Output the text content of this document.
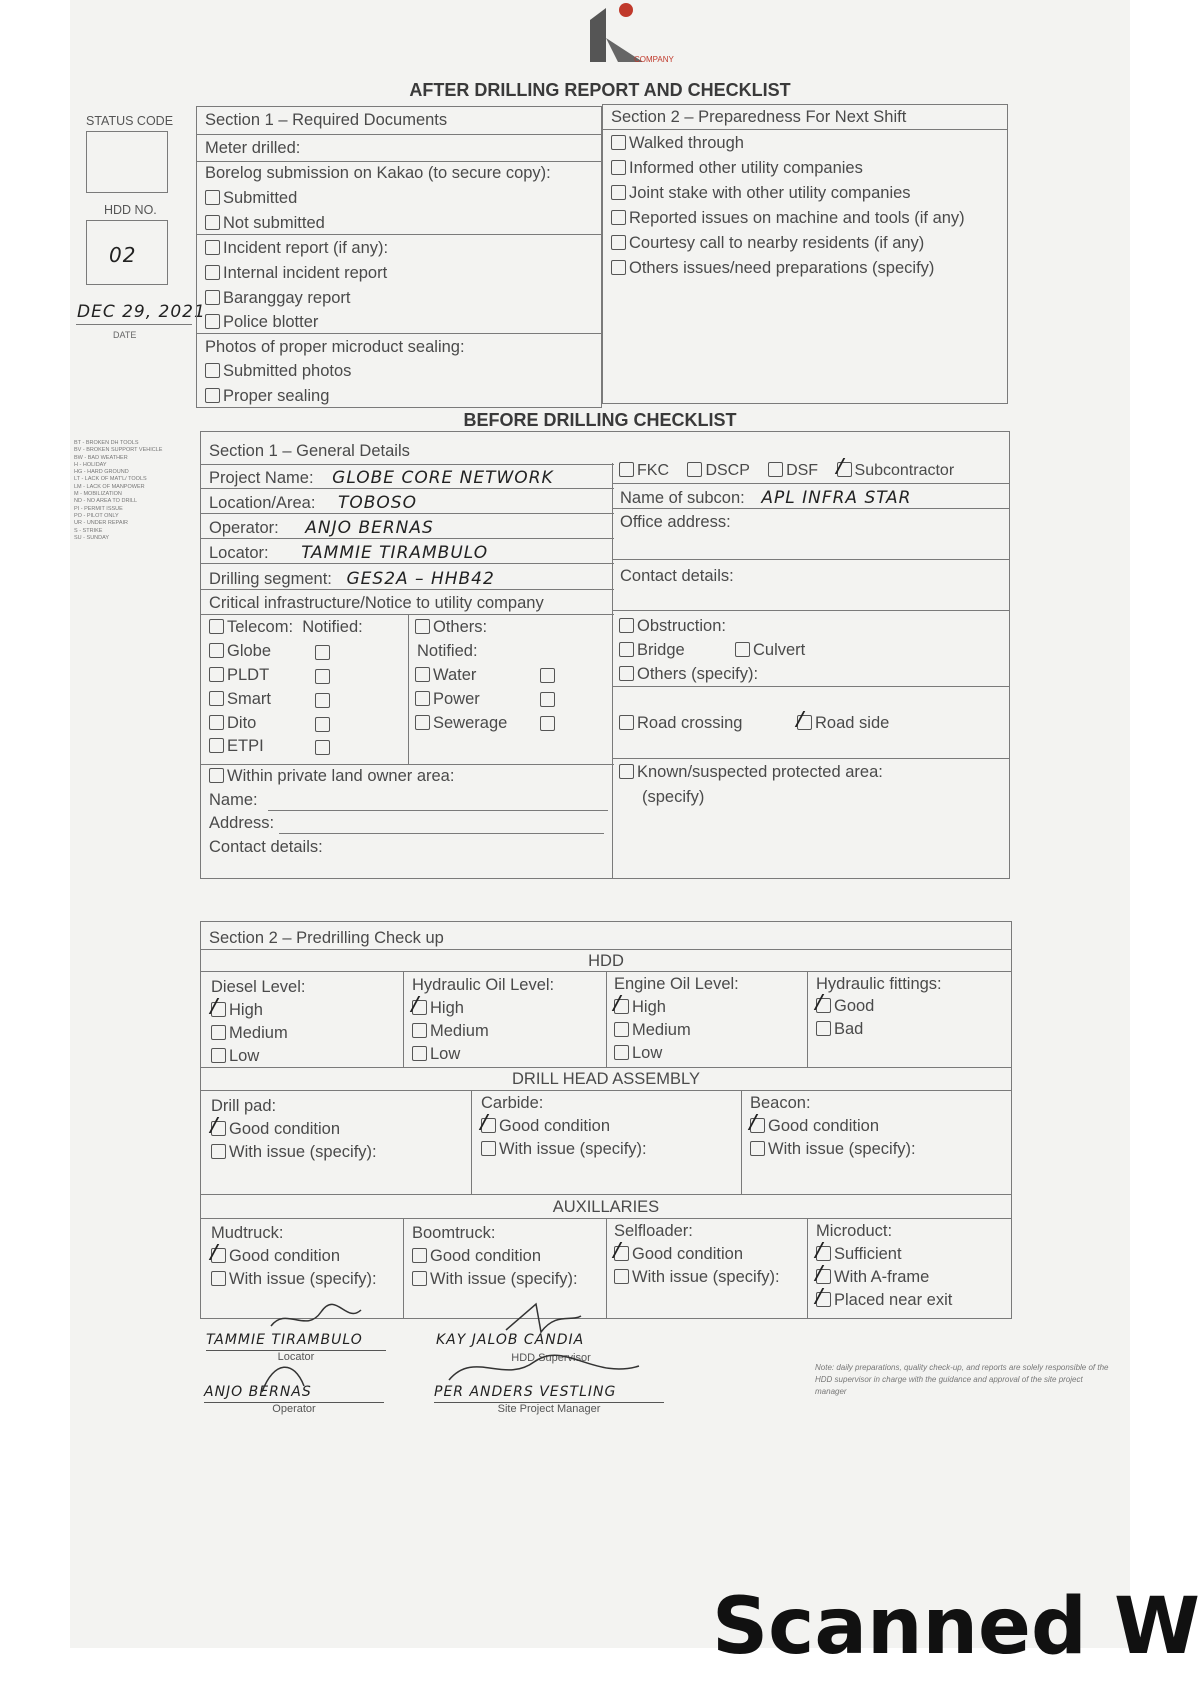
Scanned W
COMPANY
AFTER DRILLING REPORT AND CHECKLIST
STATUS CODE
HDD NO.
02
DEC 29, 2021
DATE
BT - BROKEN DH TOOLS
BV - BROKEN SUPPORT VEHICLE
BW - BAD WEATHER
H - HOLIDAY
HG - HARD GROUND
LT - LACK OF MAT'L/ TOOLS
LM - LACK OF MANPOWER
M - MOBILIZATION
ND - NO AREA TO DRILL
PI - PERMIT ISSUE
PO - PILOT ONLY
UR - UNDER REPAIR
S - STRIKE
SU - SUNDAY
Section 1 – Required Documents
Meter drilled:
Borelog submission on Kakao (to secure copy):
Submitted
Not submitted
Incident report (if any):
Internal incident report
Baranggay report
Police blotter
Photos of proper microduct sealing:
Submitted photos
Proper sealing
Section 2 – Preparedness For Next Shift
Walked through
Informed other utility companies
Joint stake with other utility companies
Reported issues on machine and tools (if any)
Courtesy call to nearby residents (if any)
Others issues/need preparations (specify)
BEFORE DRILLING CHECKLIST
Section 1 – General Details
Project Name: GLOBE CORE NETWORK
Location/Area: TOBOSO
Operator: ANJO BERNAS
Locator: TAMMIE TIRAMBULO
Drilling segment: GES2A – HHB42
Critical infrastructure/Notice to utility company
FKC DSCP DSF Subcontractor
Name of subcon: APL INFRA STAR
Office address:
Contact details:
Telecom: Notified:
Globe
PLDT
Smart
Dito
ETPI
Others:
Notified:
Water
Power
Sewerage
Obstruction:
Bridge	Culvert
Others (specify):
Road crossing	Road side
Within private land owner area:
Name:
Address:
Contact details:
Known/suspected protected area:
(specify)
Section 2 – Predrilling Check up
HDD
Diesel Level:
High
Medium
Low
Hydraulic Oil Level:
High
Medium
Low
Engine Oil Level:
High
Medium
Low
Hydraulic fittings:
Good
Bad
DRILL HEAD ASSEMBLY
Drill pad:
Good condition
With issue (specify):
Carbide:
Good condition
With issue (specify):
Beacon:
Good condition
With issue (specify):
AUXILLARIES
Mudtruck:
Good condition
With issue (specify):
Boomtruck:
Good condition
With issue (specify):
Selfloader:
Good condition
With issue (specify):
Microduct:
Sufficient
With A-frame
Placed near exit
TAMMIE TIRAMBULO
Locator
KAY JALOB CANDIA
HDD Supervisor
ANJO BERNAS
Operator
PER ANDERS VESTLING
Site Project Manager
Note: daily preparations, quality check-up, and reports are solely responsible of the HDD supervisor in charge with the guidance and approval of the site project manager
